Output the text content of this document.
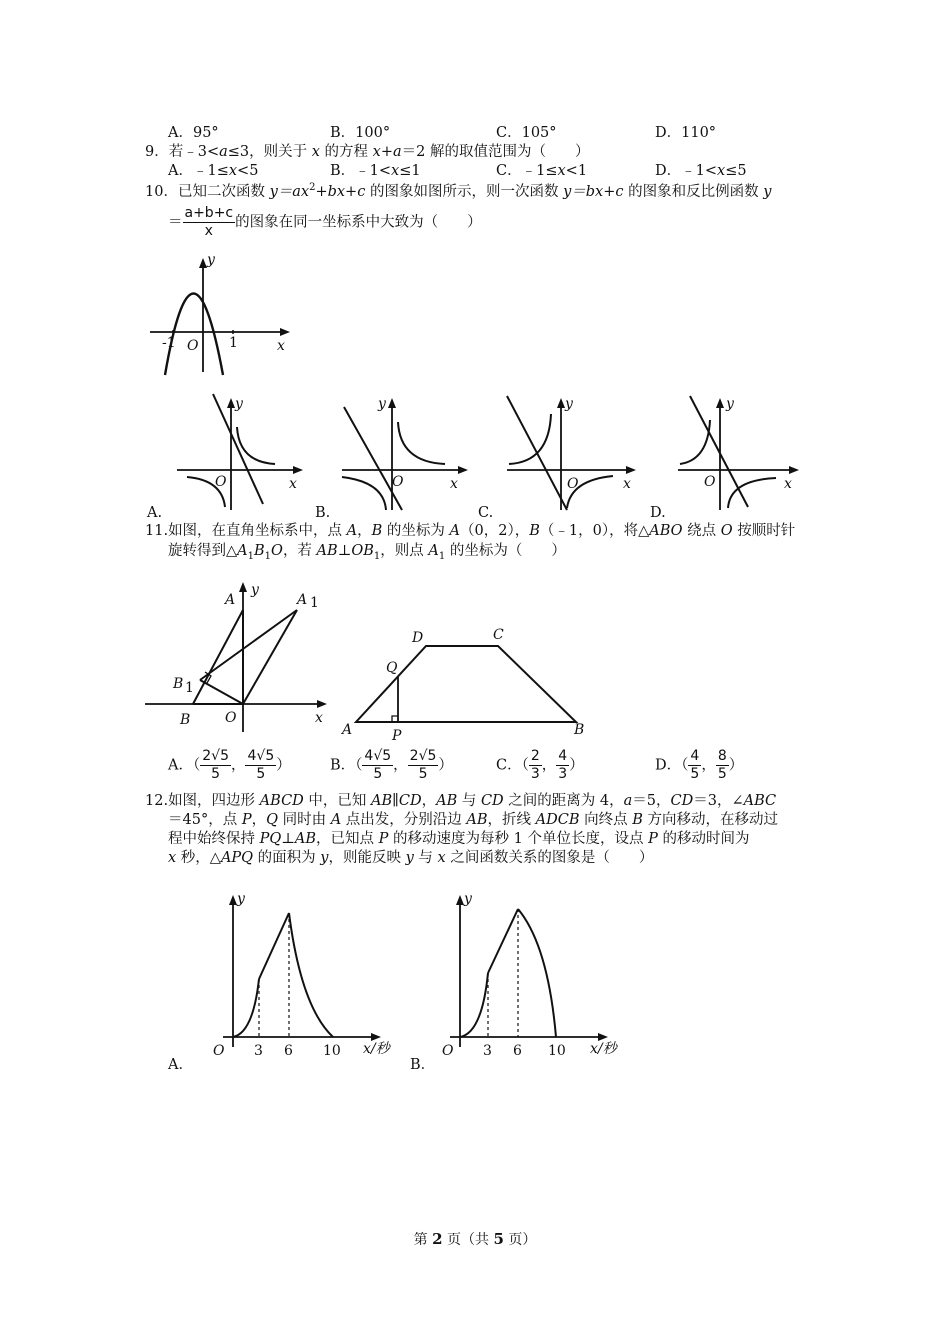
A．95°	B．100°	C．105°	D．110°
9．若﹣3<a≤3，则关于 x 的方程 x+a＝2 解的取值范围为（　　）
A．﹣1≤x<5	B．﹣1<x≤1	C．﹣1≤x<1	D．﹣1<x≤5
10．已知二次函数 $y=ax^2+bx+c$ 的图象如图所示，则一次函数 y＝bx+c 的图象和反比例函数 y
＝ $\frac{a+b+c}{x}$ 的图象在同一坐标系中大致为（　　）
y
x
O
-1	1
y
x
O
y
x
O
y
x
O
y
x
O
A.	B.	C.	D.
11.如图，在直角坐标系中，点 A，B 的坐标为 A（0，2），B（﹣1，0），将△ABO 绕点 O 按顺时针
旋转得到$\triangle A_1B_1O$，若 $AB\perp OB_1$，则点 $A_1$ 的坐标为（　　）
A
y
A 1
B 1
B O	x
D	C
Q
A	P	B
A．（ $\frac{2√5}{5}$ ， $\frac{4√5}{5}$ ）	B．（ $\frac{4√5}{5}$ ， $\frac{2√5}{5}$ ）	C．（ $\frac{2}{3}$ ， $\frac{4}{3}$ ）	D．（ $\frac{4}{5}$ ， $\frac{8}{5}$ ）
12.如图，四边形 ABCD 中，已知 AB∥CD，AB 与 CD 之间的距离为 4，a＝5，CD＝3，∠ABC
＝45°，点 P，Q 同时由 A 点出发，分别沿边 AB，折线 ADCB 向终点 B 方向移动，在移动过
程中始终保持 PQ⊥AB，已知点 P 的移动速度为每秒 1 个单位长度，设点 P 的移动时间为
x 秒，△APQ 的面积为 y，则能反映 y 与 x 之间函数关系的图象是（　　）
y
O 3 6 10 x/秒
y
O 3 6 10 x/秒
A．	B．
第 2 页（共 5 页）
